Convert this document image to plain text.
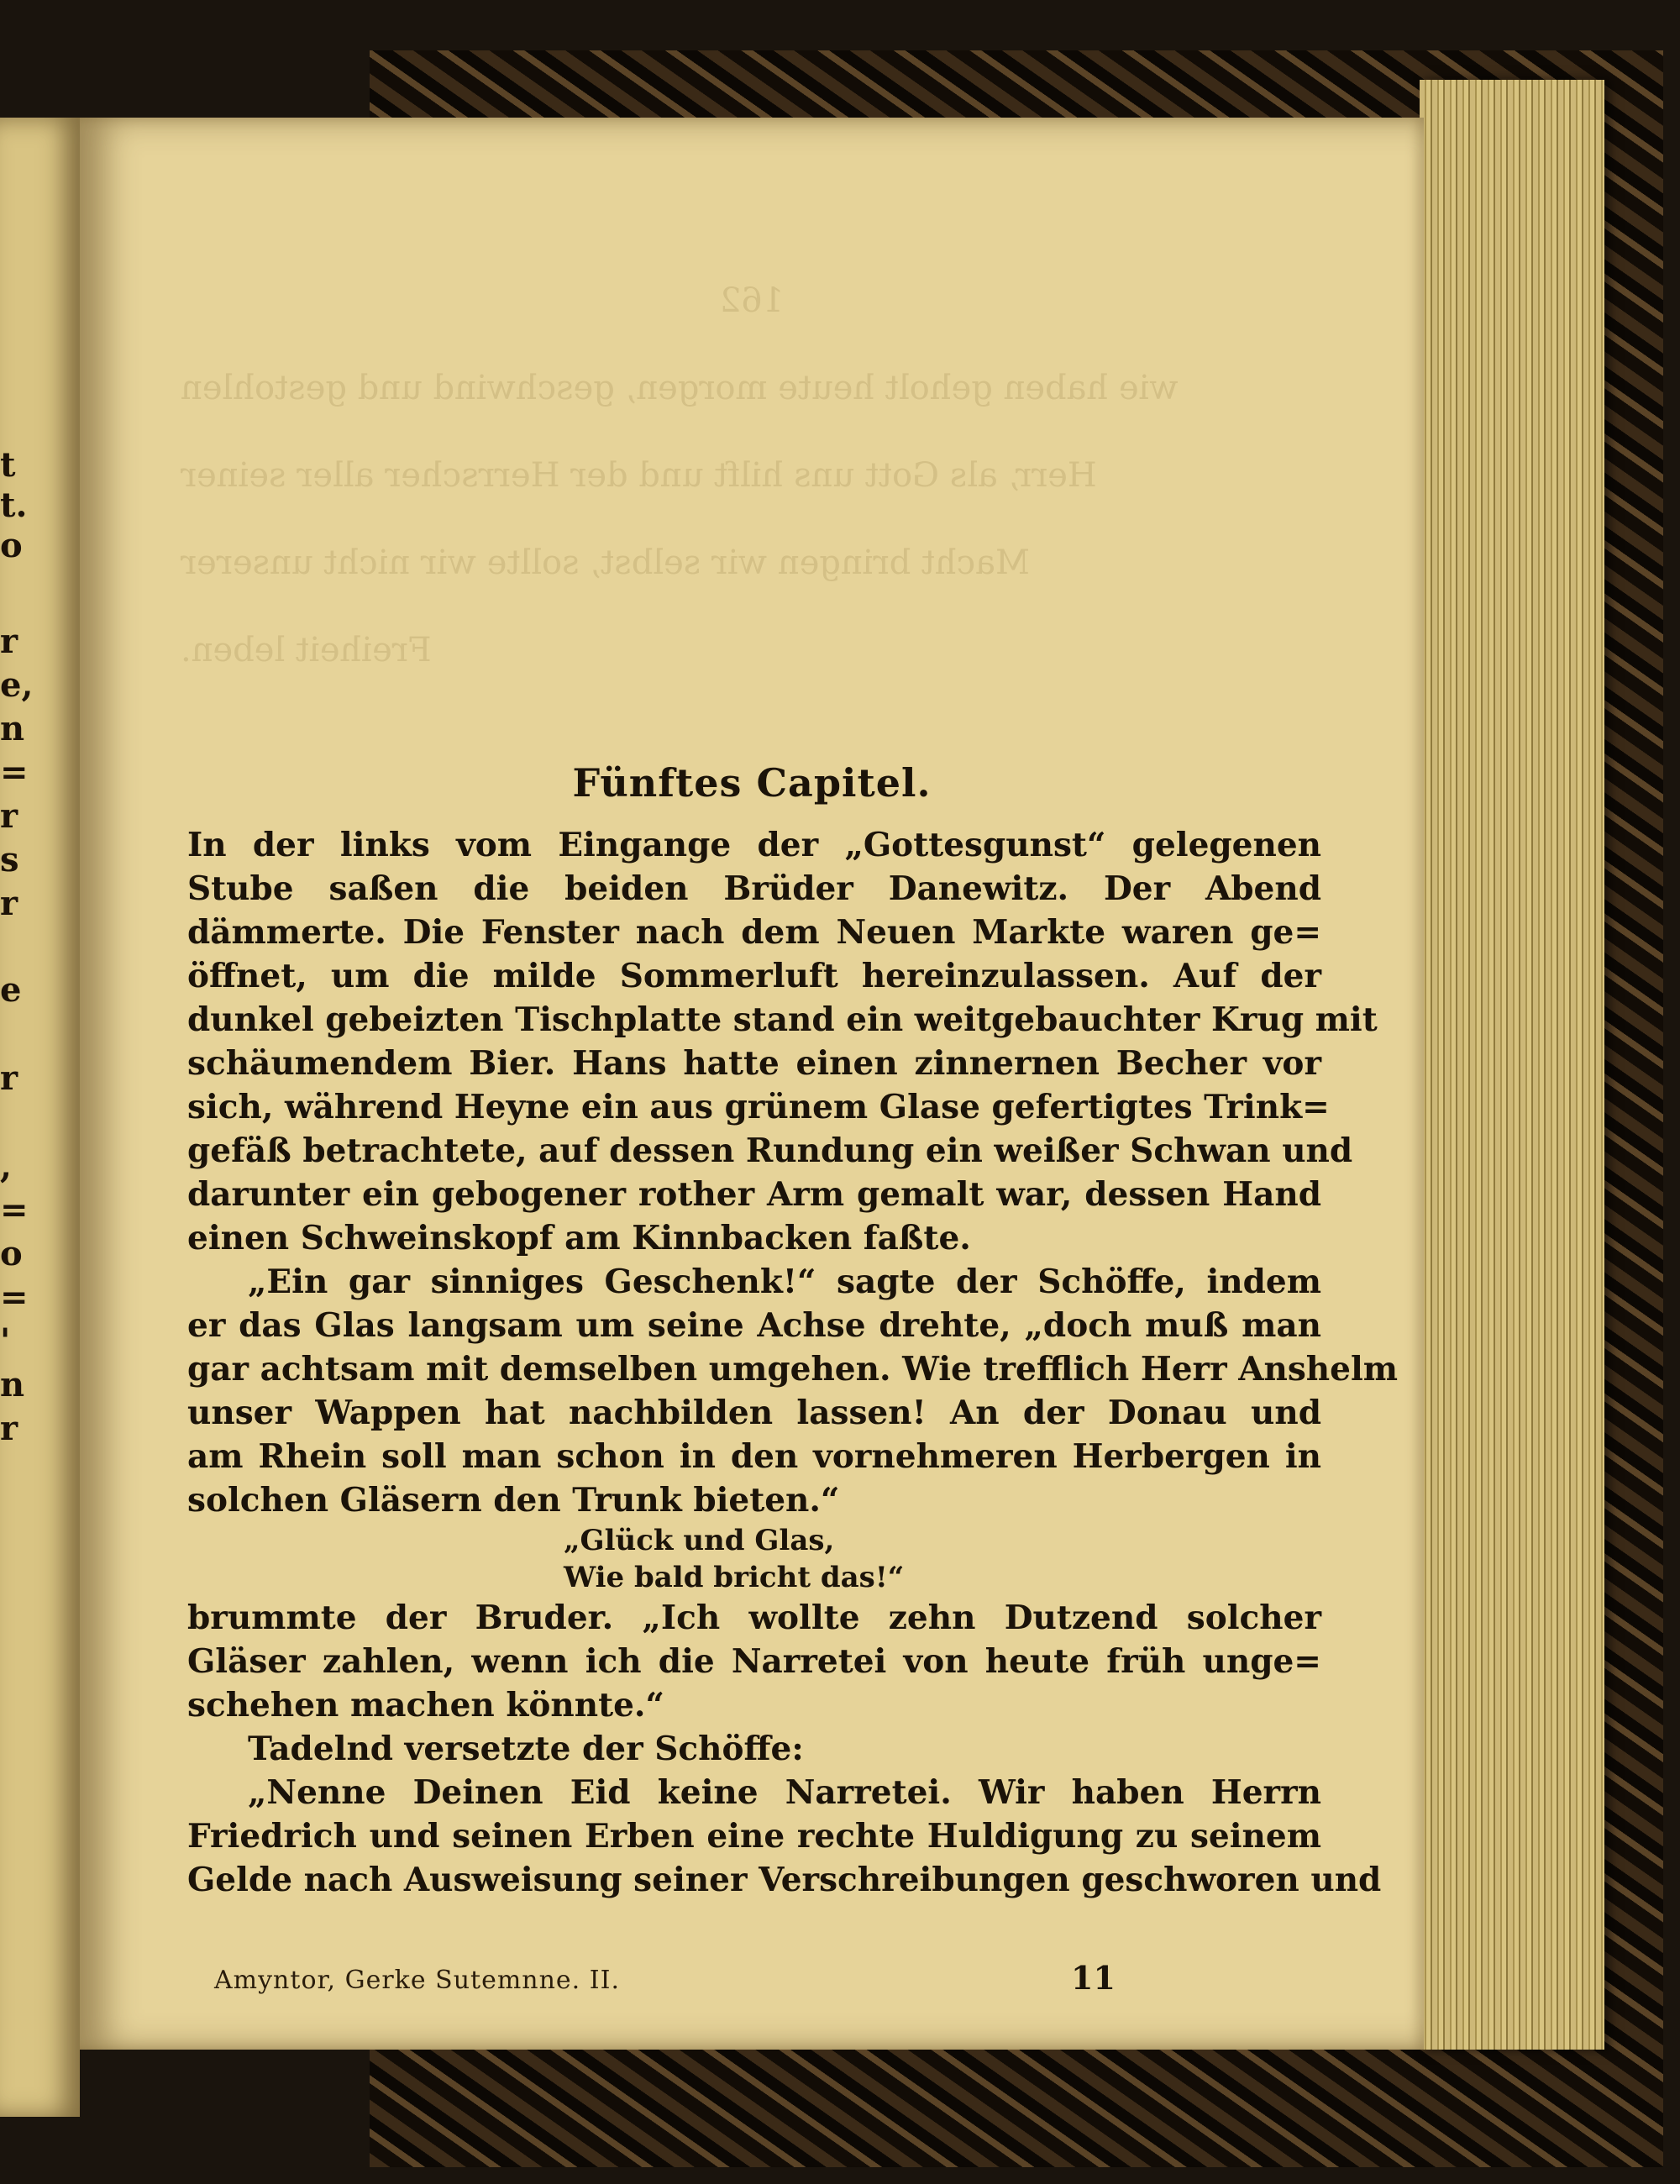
t
t.
o
r
e,
n
=
r
s
r
e
r
,
=
o
=
'
n
r

162

wie haben geholt heute morgen, geschwind und gestohlen

Herr, als Gott uns hilft und der Herrscher aller seiner

Macht bringen wir selbst, sollte wir nicht unserer

Freiheit leben.

Fünftes Capitel.

In der links vom Eingange der „Gottesgunst“ gelegenen

Stube saßen die beiden Brüder Danewitz. Der Abend

dämmerte. Die Fenster nach dem Neuen Markte waren ge=

öffnet, um die milde Sommerluft hereinzulassen. Auf der

dunkel gebeizten Tischplatte stand ein weitgebauchter Krug mit

schäumendem Bier. Hans hatte einen zinnernen Becher vor

sich, während Heyne ein aus grünem Glase gefertigtes Trink=

gefäß betrachtete, auf dessen Rundung ein weißer Schwan und

darunter ein gebogener rother Arm gemalt war, dessen Hand

einen Schweinskopf am Kinnbacken faßte.

„Ein gar sinniges Geschenk!“ sagte der Schöffe, indem

er das Glas langsam um seine Achse drehte, „doch muß man

gar achtsam mit demselben umgehen. Wie trefflich Herr Anshelm

unser Wappen hat nachbilden lassen! An der Donau und

am Rhein soll man schon in den vornehmeren Herbergen in

solchen Gläsern den Trunk bieten.“

„Glück und Glas,

Wie bald bricht das!“

brummte der Bruder. „Ich wollte zehn Dutzend solcher

Gläser zahlen, wenn ich die Narretei von heute früh unge=

schehen machen könnte.“

Tadelnd versetzte der Schöffe:

„Nenne Deinen Eid keine Narretei. Wir haben Herrn

Friedrich und seinen Erben eine rechte Huldigung zu seinem

Gelde nach Ausweisung seiner Verschreibungen geschworen und

Amyntor, Gerke Sutemnne. II.	11
